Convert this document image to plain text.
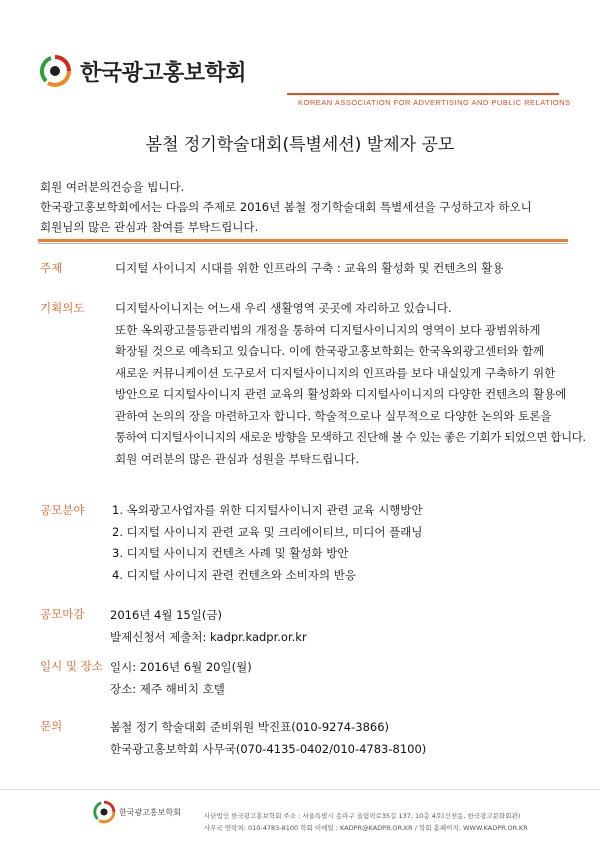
한국광고홍보학회
KOREAN ASSOCIATION FOR ADVERTISING AND PUBLIC RELATIONS
봄철 정기학술대회(특별세션) 발제자 공모
회원 여러분의건승을 빕니다.
한국광고홍보학회에서는 다음의 주제로 2016년 봄철 정기학술대회 특별세션을 구성하고자 하오니
회원님의 많은 관심과 참여를 부탁드립니다.
주제	디지털 사이니지 시대를 위한 인프라의 구축 : 교육의 활성화 및 컨텐츠의 활용
기획의도	디지털사이니지는 어느새 우리 생활영역 곳곳에 자리하고 있습니다.
또한 옥외광고물등관리법의 개정을 통하여 디지털사이니지의 영역이 보다 광범위하게
확장될 것으로 예측되고 있습니다. 이에 한국광고홍보학회는 한국옥외광고센터와 함께
새로운 커뮤니케이션 도구로서 디지털사이니지의 인프라를 보다 내실있게 구축하기 위한
방안으로 디지털사이니지 관련 교육의 활성화와 디지털사이니지의 다양한 컨텐츠의 활용에
관하여 논의의 장을 마련하고자 합니다. 학술적으로나 실무적으로 다양한 논의와 토론을
통하여 디지털사이니지의 새로운 방향을 모색하고 진단해 볼 수 있는 좋은 기회가 되었으면 합니다.
회원 여러분의 많은 관심과 성원을 부탁드립니다.
공모분야 1. 옥외광고사업자를 위한 디지털사이니지 관련 교육 시행방안
2. 디지털 사이니지 관련 교육 및 크리에이티브, 미디어 플래닝
3. 디지털 사이니지 컨텐츠 사례 및 활성화 방안
4. 디지털 사이니지 관련 컨텐츠와 소비자의 반응
공모마감 2016년 4월 15일(금)
발제신청서 제출처: kadpr.kadpr.or.kr
일시 및 장소 일시: 2016년 6월 20일(월)
장소: 제주 해비치 호텔
문의	봄철 정기 학술대회 준비위원 박진표(010-9274-3866)
한국광고홍보학회 사무국(070-4135-0402/010-4783-8100)
한국광고홍보학회	사단법인 한국광고홍보학회 주소 : 서울특별시 송파구 올림픽로35길 137, 10층 4호(신천동, 한국광고문화회관)
사무국 연락처: 010-4783-8100 학회 이메일 : KADPR@KADPR.OR.KR / 학회 홈페이지: WWW.KADPR.OR.KR
